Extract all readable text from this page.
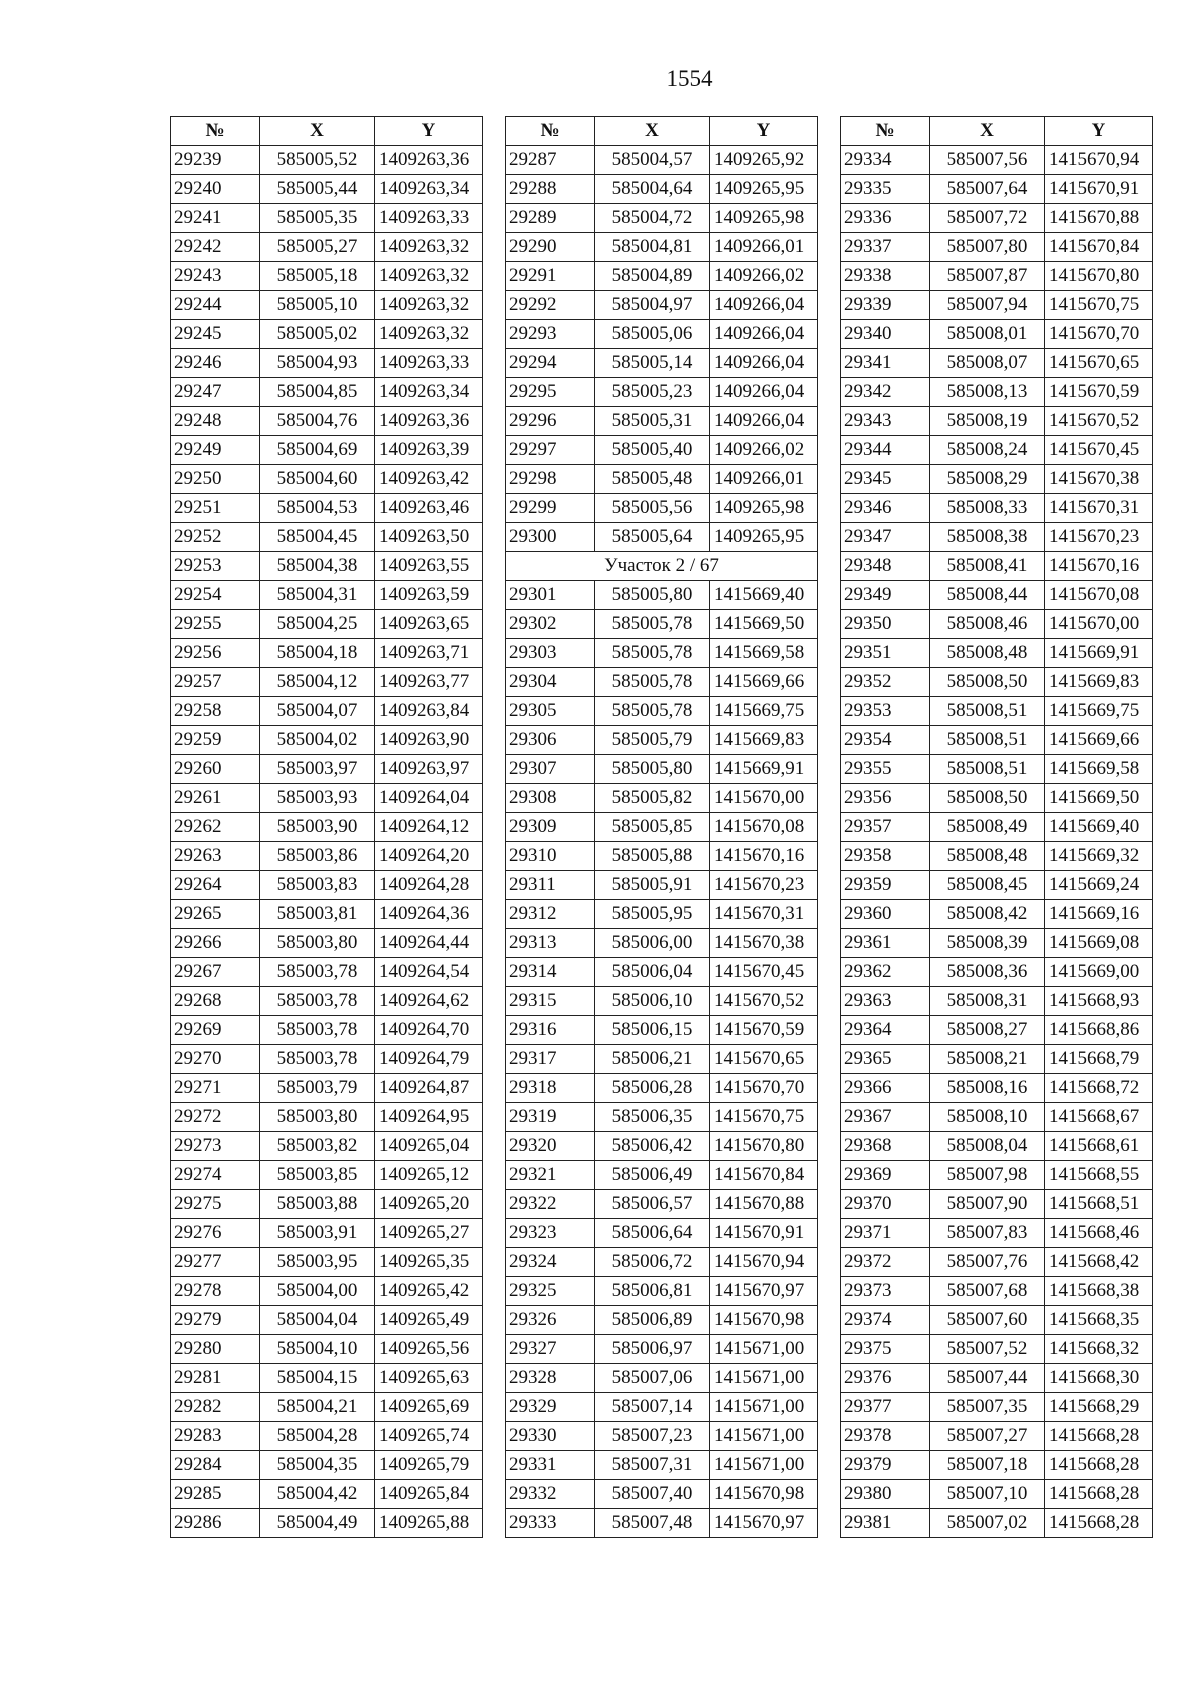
1554
№	X	Y
29239	585005,52	1409263,36
29240	585005,44	1409263,34
29241	585005,35	1409263,33
29242	585005,27	1409263,32
29243	585005,18	1409263,32
29244	585005,10	1409263,32
29245	585005,02	1409263,32
29246	585004,93	1409263,33
29247	585004,85	1409263,34
29248	585004,76	1409263,36
29249	585004,69	1409263,39
29250	585004,60	1409263,42
29251	585004,53	1409263,46
29252	585004,45	1409263,50
29253	585004,38	1409263,55
29254	585004,31	1409263,59
29255	585004,25	1409263,65
29256	585004,18	1409263,71
29257	585004,12	1409263,77
29258	585004,07	1409263,84
29259	585004,02	1409263,90
29260	585003,97	1409263,97
29261	585003,93	1409264,04
29262	585003,90	1409264,12
29263	585003,86	1409264,20
29264	585003,83	1409264,28
29265	585003,81	1409264,36
29266	585003,80	1409264,44
29267	585003,78	1409264,54
29268	585003,78	1409264,62
29269	585003,78	1409264,70
29270	585003,78	1409264,79
29271	585003,79	1409264,87
29272	585003,80	1409264,95
29273	585003,82	1409265,04
29274	585003,85	1409265,12
29275	585003,88	1409265,20
29276	585003,91	1409265,27
29277	585003,95	1409265,35
29278	585004,00	1409265,42
29279	585004,04	1409265,49
29280	585004,10	1409265,56
29281	585004,15	1409265,63
29282	585004,21	1409265,69
29283	585004,28	1409265,74
29284	585004,35	1409265,79
29285	585004,42	1409265,84
29286	585004,49	1409265,88
№	X	Y
29287	585004,57	1409265,92
29288	585004,64	1409265,95
29289	585004,72	1409265,98
29290	585004,81	1409266,01
29291	585004,89	1409266,02
29292	585004,97	1409266,04
29293	585005,06	1409266,04
29294	585005,14	1409266,04
29295	585005,23	1409266,04
29296	585005,31	1409266,04
29297	585005,40	1409266,02
29298	585005,48	1409266,01
29299	585005,56	1409265,98
29300	585005,64	1409265,95
Участок 2 / 67		
29301	585005,80	1415669,40
29302	585005,78	1415669,50
29303	585005,78	1415669,58
29304	585005,78	1415669,66
29305	585005,78	1415669,75
29306	585005,79	1415669,83
29307	585005,80	1415669,91
29308	585005,82	1415670,00
29309	585005,85	1415670,08
29310	585005,88	1415670,16
29311	585005,91	1415670,23
29312	585005,95	1415670,31
29313	585006,00	1415670,38
29314	585006,04	1415670,45
29315	585006,10	1415670,52
29316	585006,15	1415670,59
29317	585006,21	1415670,65
29318	585006,28	1415670,70
29319	585006,35	1415670,75
29320	585006,42	1415670,80
29321	585006,49	1415670,84
29322	585006,57	1415670,88
29323	585006,64	1415670,91
29324	585006,72	1415670,94
29325	585006,81	1415670,97
29326	585006,89	1415670,98
29327	585006,97	1415671,00
29328	585007,06	1415671,00
29329	585007,14	1415671,00
29330	585007,23	1415671,00
29331	585007,31	1415671,00
29332	585007,40	1415670,98
29333	585007,48	1415670,97
№	X	Y
29334	585007,56	1415670,94
29335	585007,64	1415670,91
29336	585007,72	1415670,88
29337	585007,80	1415670,84
29338	585007,87	1415670,80
29339	585007,94	1415670,75
29340	585008,01	1415670,70
29341	585008,07	1415670,65
29342	585008,13	1415670,59
29343	585008,19	1415670,52
29344	585008,24	1415670,45
29345	585008,29	1415670,38
29346	585008,33	1415670,31
29347	585008,38	1415670,23
29348	585008,41	1415670,16
29349	585008,44	1415670,08
29350	585008,46	1415670,00
29351	585008,48	1415669,91
29352	585008,50	1415669,83
29353	585008,51	1415669,75
29354	585008,51	1415669,66
29355	585008,51	1415669,58
29356	585008,50	1415669,50
29357	585008,49	1415669,40
29358	585008,48	1415669,32
29359	585008,45	1415669,24
29360	585008,42	1415669,16
29361	585008,39	1415669,08
29362	585008,36	1415669,00
29363	585008,31	1415668,93
29364	585008,27	1415668,86
29365	585008,21	1415668,79
29366	585008,16	1415668,72
29367	585008,10	1415668,67
29368	585008,04	1415668,61
29369	585007,98	1415668,55
29370	585007,90	1415668,51
29371	585007,83	1415668,46
29372	585007,76	1415668,42
29373	585007,68	1415668,38
29374	585007,60	1415668,35
29375	585007,52	1415668,32
29376	585007,44	1415668,30
29377	585007,35	1415668,29
29378	585007,27	1415668,28
29379	585007,18	1415668,28
29380	585007,10	1415668,28
29381	585007,02	1415668,28
